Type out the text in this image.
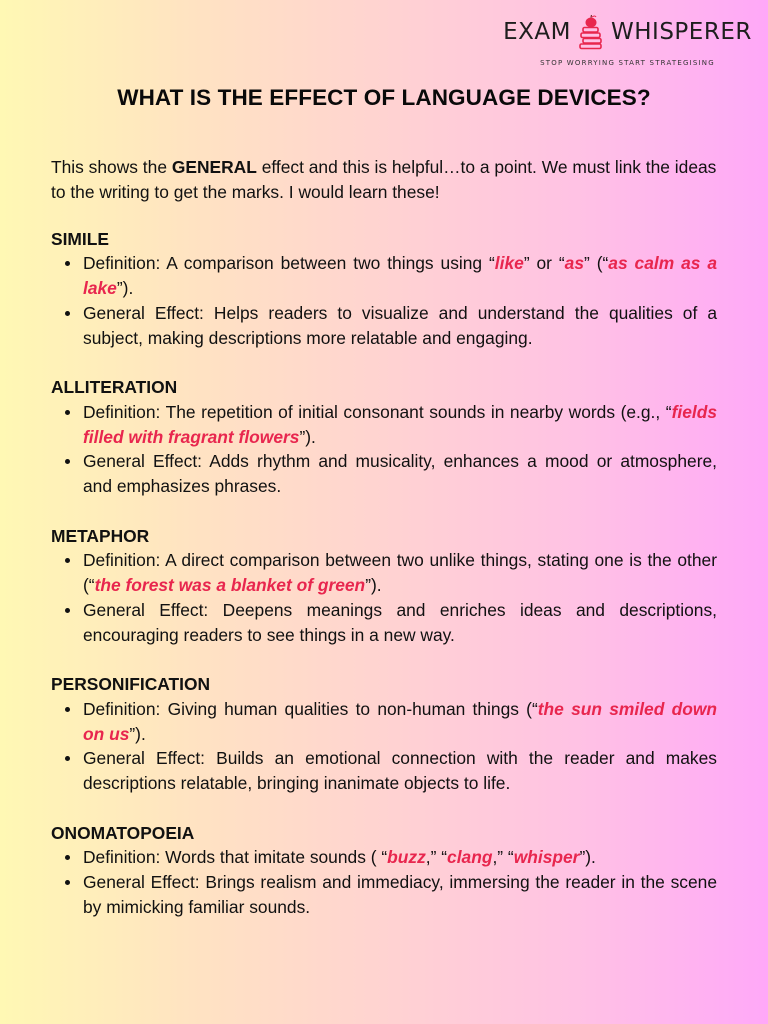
EXAM WHISPERER
STOP WORRYING START STRATEGISING
WHAT IS THE EFFECT OF LANGUAGE DEVICES?

This shows the GENERAL effect and this is helpful…to a point. We must link the ideas to the writing to get the marks. I would learn these!

SIMILE

Definition: A comparison between two things using “like” or “as” (“as calm as a lake”).
General Effect: Helps readers to visualize and understand the qualities of a subject, making descriptions more relatable and engaging.

ALLITERATION

Definition: The repetition of initial consonant sounds in nearby words (e.g., “fields filled with fragrant flowers”).
General Effect: Adds rhythm and musicality, enhances a mood or atmosphere, and emphasizes phrases.

METAPHOR

Definition: A direct comparison between two unlike things, stating one is the other (“the forest was a blanket of green”).
General Effect: Deepens meanings and enriches ideas and descriptions, encouraging readers to see things in a new way.

PERSONIFICATION

Definition: Giving human qualities to non-human things (“the sun smiled down on us”).
General Effect: Builds an emotional connection with the reader and makes descriptions relatable, bringing inanimate objects to life.

ONOMATOPOEIA

Definition: Words that imitate sounds ( “buzz,” “clang,” “whisper”).
General Effect: Brings realism and immediacy, immersing the reader in the scene by mimicking familiar sounds.
